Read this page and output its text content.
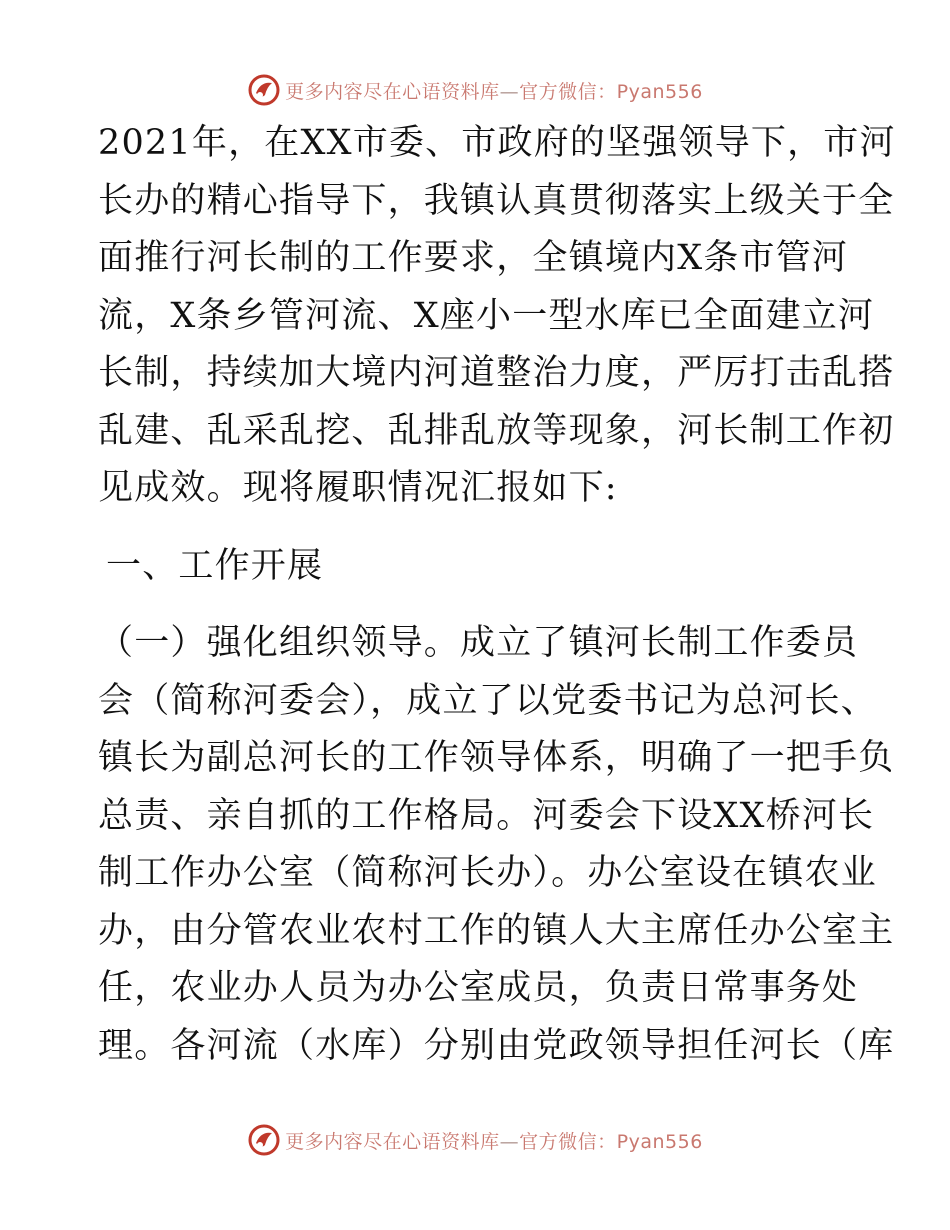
更多内容尽在心语资料库—官方微信：Pyan556
2021年，在XX市委、市政府的坚强领导下，市河
长办的精心指导下，我镇认真贯彻落实上级关于全
面推行河长制的工作要求，全镇境内X条市管河
流，X条乡管河流、X座小一型水库已全面建立河
长制，持续加大境内河道整治力度，严厉打击乱搭
乱建、乱采乱挖、乱排乱放等现象，河长制工作初
见成效。现将履职情况汇报如下:
一、工作开展
（一）强化组织领导。成立了镇河长制工作委员
会（简称河委会），成立了以党委书记为总河长、
镇长为副总河长的工作领导体系，明确了一把手负
总责、亲自抓的工作格局。河委会下设XX桥河长
制工作办公室（简称河长办）。办公室设在镇农业
办，由分管农业农村工作的镇人大主席任办公室主
任，农业办人员为办公室成员，负责日常事务处
理。各河流（水库）分别由党政领导担任河长（库
更多内容尽在心语资料库—官方微信：Pyan556
